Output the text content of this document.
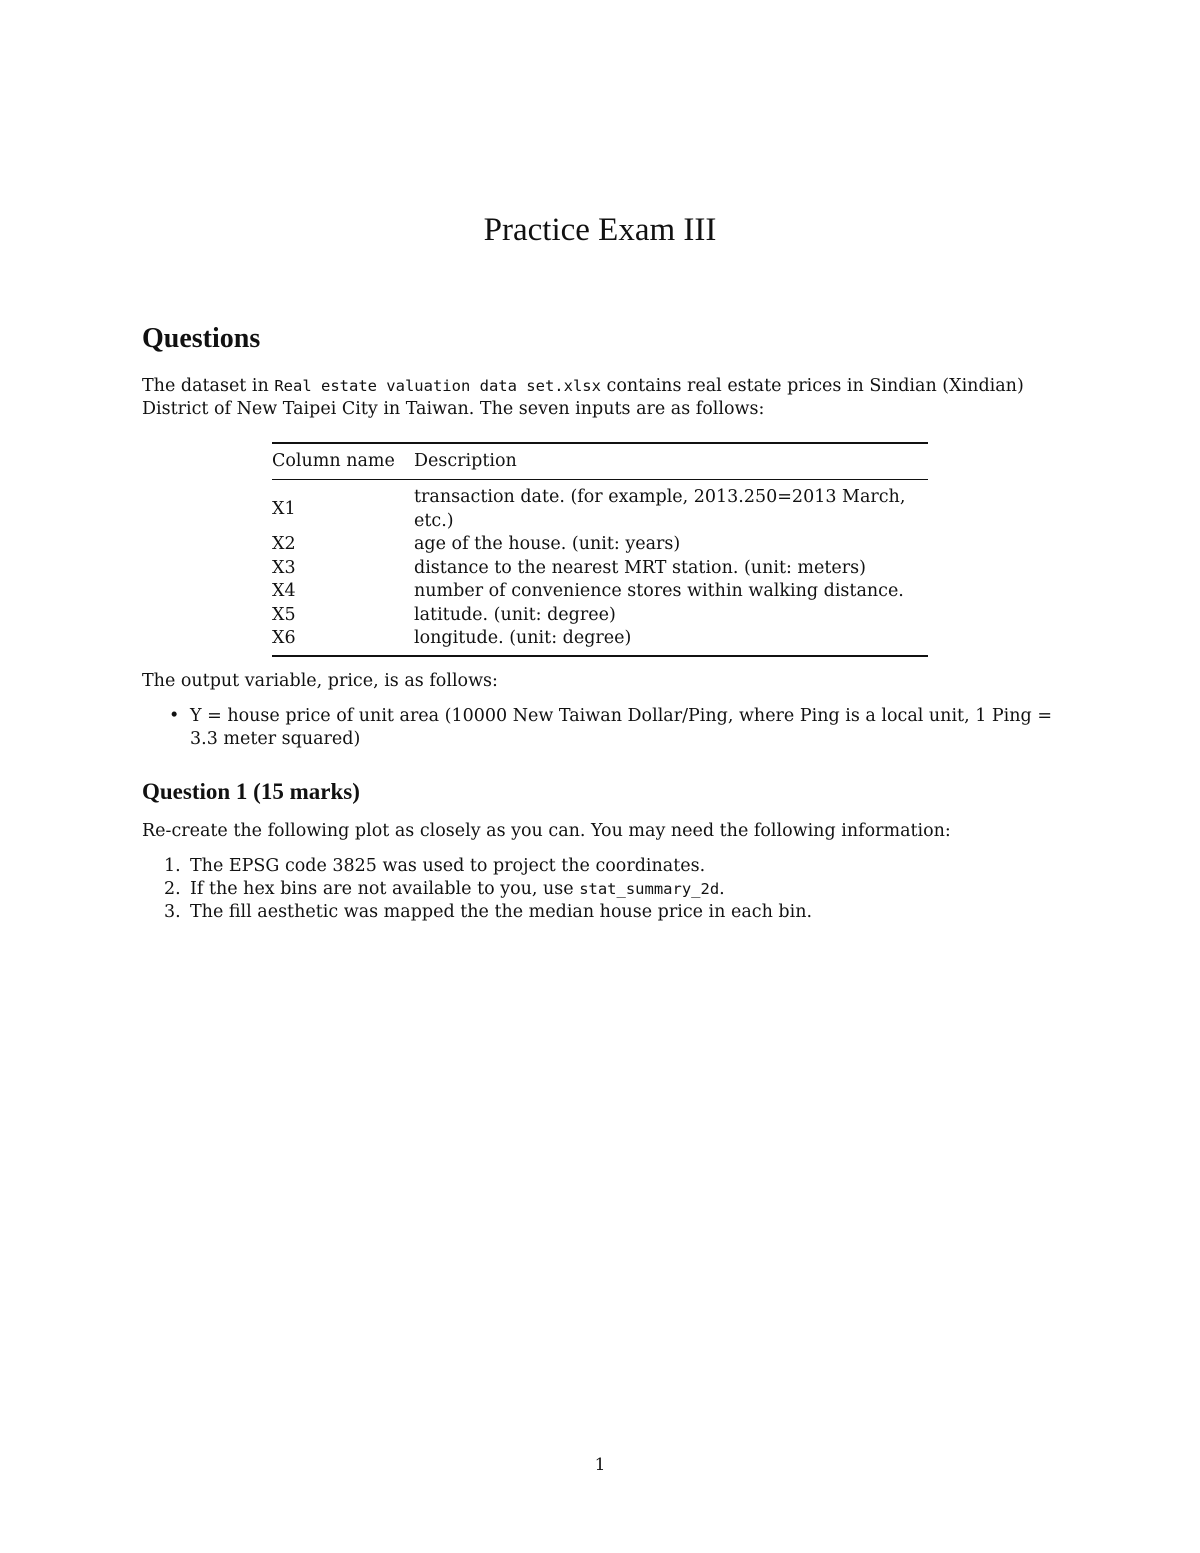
Practice Exam III
Questions

The dataset in Real estate valuation data set.xlsx contains real estate prices in Sindian (Xindian) District of New Taipei City in Taiwan. The seven inputs are as follows:

Column name	Description
X1	transaction date. (for example, 2013.250=2013 March, etc.)
X2	age of the house. (unit: years)
X3	distance to the nearest MRT station. (unit: meters)
X4	number of convenience stores within walking distance.
X5	latitude. (unit: degree)
X6	longitude. (unit: degree)

The output variable, price, is as follows:

• Y = house price of unit area (10000 New Taiwan Dollar/Ping, where Ping is a local unit, 1 Ping = 3.3 meter squared)
Question 1 (15 marks)

Re-create the following plot as closely as you can. You may need the following information:

1. The EPSG code 3825 was used to project the coordinates.
2. If the hex bins are not available to you, use stat_summary_2d.
3. The fill aesthetic was mapped the the median house price in each bin.
1
